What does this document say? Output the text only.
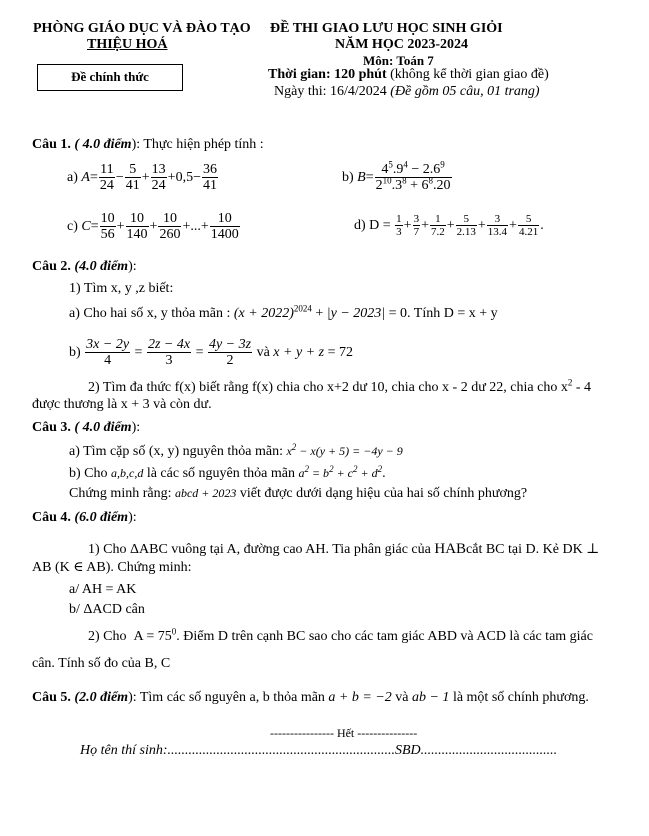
PHÒNG GIÁO DỤC VÀ ĐÀO TẠO
THIỆU HOÁ
Đề chính thức
ĐỀ THI GIAO LƯU HỌC SINH GIỎI
NĂM HỌC 2023-2024
Môn: Toán 7
Thời gian: 120 phút (không kể thời gian giao đề)
Ngày thi: 16/4/2024 (Đề gồm 05 câu, 01 trang)
Câu 1. ( 4.0 điểm): Thực hiện phép tính :
a) $A= \frac{11}{24} - \frac{5}{41} + \frac{13}{24} +0,5- \frac{36}{41}$	b) $B= \frac{4^5.9^4 - 2.6^9}{2^{10}.3^8 + 6^8.20}$
c) $C= \frac{10}{56} + \frac{10}{140} + \frac{10}{260}$ +...+ $\frac{10}{1400}$	d) $D = \frac{1}{3} + \frac{3}{7} + \frac{1}{7.2} + \frac{5}{2.13} + \frac{3}{13.4} + \frac{5}{4.21}$ .
Câu 2. (4.0 điểm):
1) Tìm x, y ,z biết:
a) Cho hai số x, y thỏa mãn : $(x + 2022)^{2024} + |y - 2023| = 0$. Tính D = x + y
$b) \frac{3x - 2y}{4} = \frac{2z - 4x}{3} = \frac{4y - 3z}{2}$ và x + y + z = 72
2) Tìm đa thức f(x) biết rằng f(x) chia cho x+2 dư 10, chia cho x - 2 dư 22, chia cho $x^2 - 4$
được thương là x + 3 và còn dư.
Câu 3. ( 4.0 điểm):
a) Tìm cặp số (x, y) nguyên thỏa mãn: $x^2 - x(y + 5) = -4y - 9$
b) Cho a,b,c,d là các số nguyên thỏa mãn $a^2 = b^2 + c^2 + d^2$.
Chứng minh rằng: abcd + 2023 viết được dưới dạng hiệu của hai số chính phương?
Câu 4. (6.0 điểm):
1) Cho ΔABC vuông tại A, đường cao AH. Tia phân giác của HABcắt BC tại D. Kẻ DK ⊥
AB (K ∈ AB). Chứng minh:
a/ AH = AK
b/ ΔACD cân
2) Cho  $A = 75^0$. Điểm D trên cạnh BC sao cho các tam giác ABD và ACD là các tam giác
cân. Tính số đo của B, C
Câu 5. (2.0 điểm): Tìm các số nguyên a, b thỏa mãn a + b = −2 và ab − 1 là một số chính phương.
---------------- Hết ---------------
Họ tên thí sinh:.................................................................SBD.......................................
